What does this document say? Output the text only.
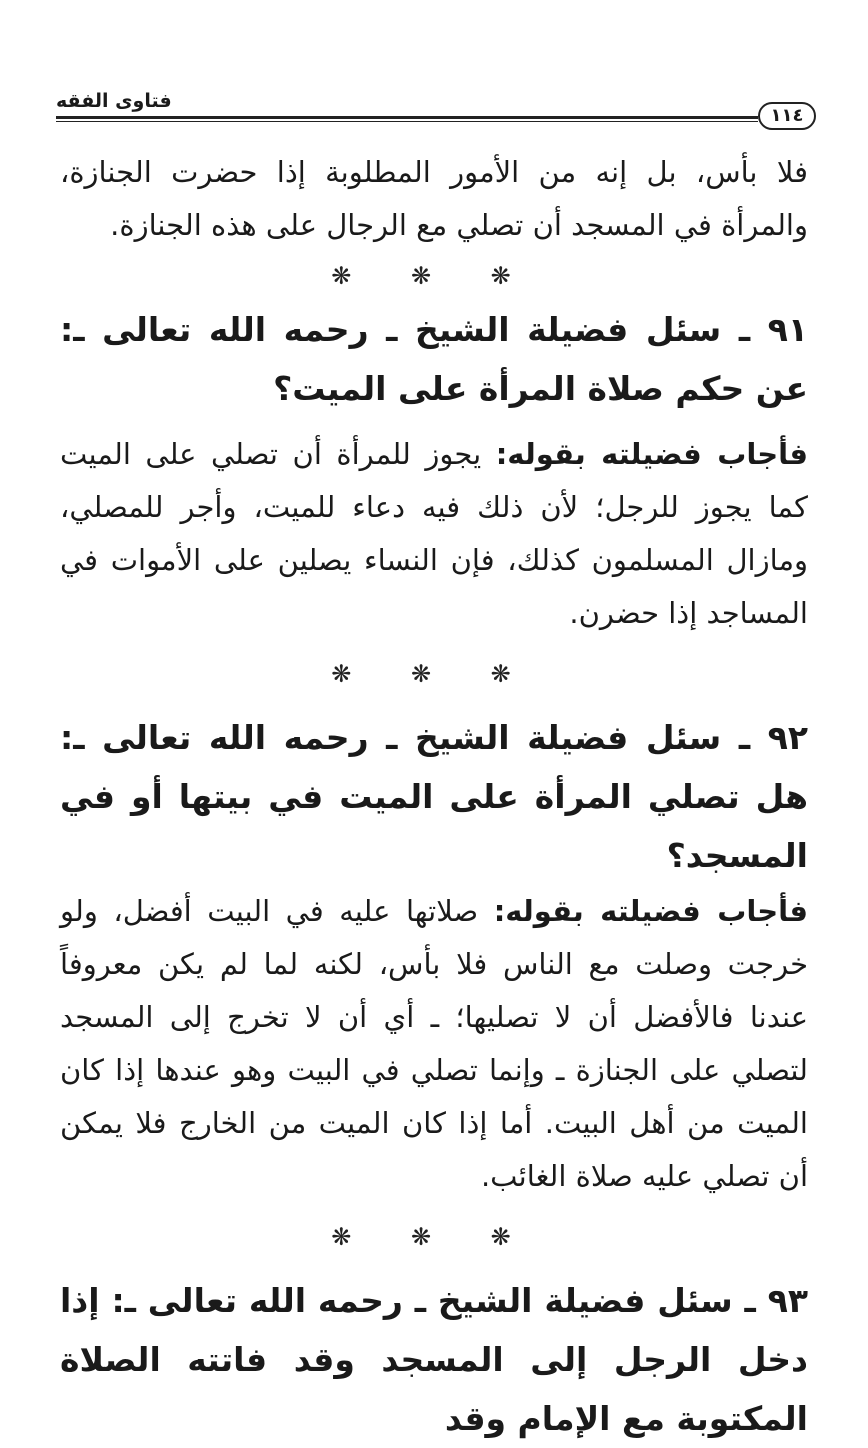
فتاوى الفقه
١١٤

فلا بأس، بل إنه من الأمور المطلوبة إذا حضرت الجنازة، والمرأة في المسجد أن تصلي مع الرجال على هذه الجنازة.

❋ ❋ ❋

٩١ ـ سئل فضيلة الشيخ ـ رحمه الله تعالى ـ: عن حكم صلاة المرأة على الميت؟

فأجاب فضيلته بقوله: يجوز للمرأة أن تصلي على الميت كما يجوز للرجل؛ لأن ذلك فيه دعاء للميت، وأجر للمصلي، ومازال المسلمون كذلك، فإن النساء يصلين على الأموات في المساجد إذا حضرن.

❋ ❋ ❋

٩٢ ـ سئل فضيلة الشيخ ـ رحمه الله تعالى ـ: هل تصلي المرأة على الميت في بيتها أو في المسجد؟

فأجاب فضيلته بقوله: صلاتها عليه في البيت أفضل، ولو خرجت وصلت مع الناس فلا بأس، لكنه لما لم يكن معروفاً عندنا فالأفضل أن لا تصليها؛ ـ أي أن لا تخرج إلى المسجد لتصلي على الجنازة ـ وإنما تصلي في البيت وهو عندها إذا كان الميت من أهل البيت. أما إذا كان الميت من الخارج فلا يمكن أن تصلي عليه صلاة الغائب.

❋ ❋ ❋

٩٣ ـ سئل فضيلة الشيخ ـ رحمه الله تعالى ـ: إذا دخل الرجل إلى المسجد وقد فاتته الصلاة المكتوبة مع الإمام وقد
